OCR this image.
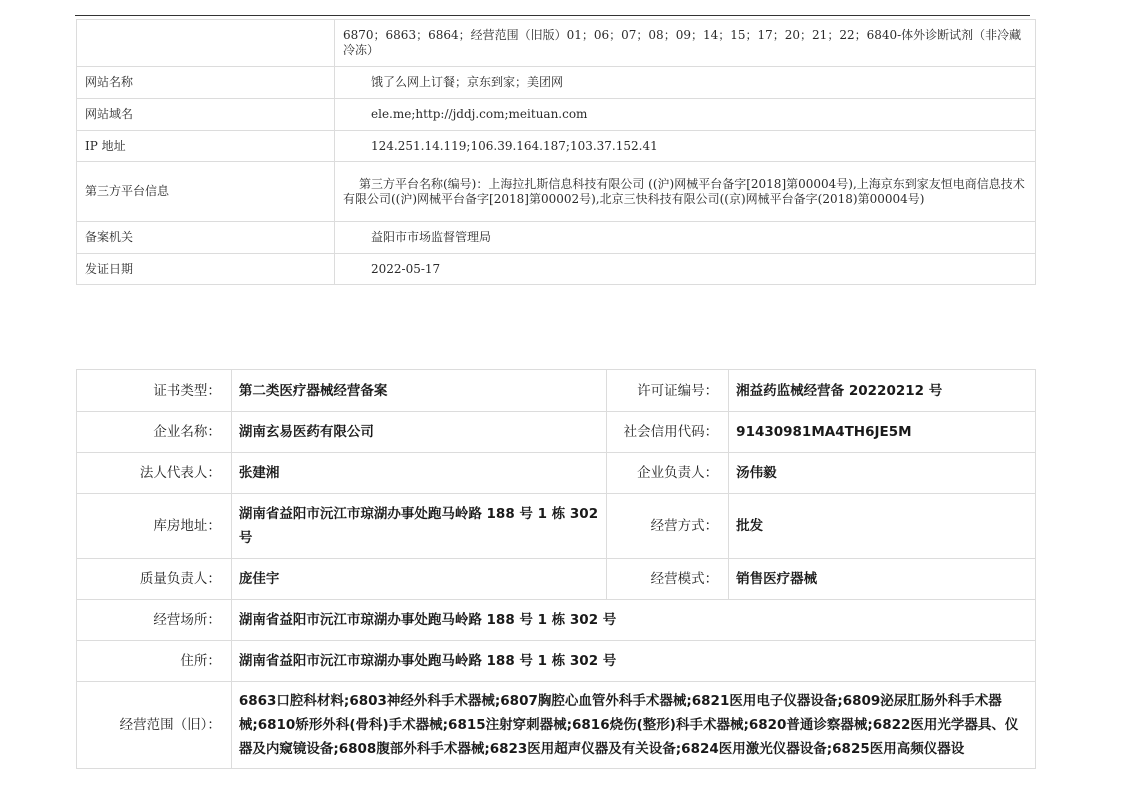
	6870；6863；6864；经营范围（旧版）01；06；07；08；09；14；15；17；20；21；22；6840-体外诊断试剂（非冷藏冷冻）
网站名称	饿了么网上订餐；京东到家；美团网
网站域名	ele.me;http://jddj.com;meituan.com
IP 地址	124.251.14.119;106.39.164.187;103.37.152.41
第三方平台信息	第三方平台名称(编号)：上海拉扎斯信息科技有限公司 ((沪)网械平台备字[2018]第00004号),上海京东到家友恒电商信息技术有限公司((沪)网械平台备字[2018]第00002号),北京三快科技有限公司((京)网械平台备字(2018)第00004号)
备案机关	益阳市市场监督管理局
发证日期	2022-05-17
证书类型：	第二类医疗器械经营备案	许可证编号：	湘益药监械经营备 20220212 号
企业名称：	湖南玄易医药有限公司	社会信用代码：	91430981MA4TH6JE5M
法人代表人：	张建湘	企业负责人：	汤伟毅
库房地址：	湖南省益阳市沅江市琼湖办事处跑马岭路 188 号 1 栋 302 号	经营方式：	批发
质量负责人：	庞佳宇	经营模式：	销售医疗器械
经营场所：	湖南省益阳市沅江市琼湖办事处跑马岭路 188 号 1 栋 302 号		
住所：	湖南省益阳市沅江市琼湖办事处跑马岭路 188 号 1 栋 302 号		
经营范围（旧）：	6863口腔科材料;6803神经外科手术器械;6807胸腔心血管外科手术器械;6821医用电子仪器设备;6809泌尿肛肠外科手术器械;6810矫形外科(骨科)手术器械;6815注射穿刺器械;6816烧伤(整形)科手术器械;6820普通诊察器械;6822医用光学器具、仪器及内窥镜设备;6808腹部外科手术器械;6823医用超声仪器及有关设备;6824医用激光仪器设备;6825医用高频仪器设		
